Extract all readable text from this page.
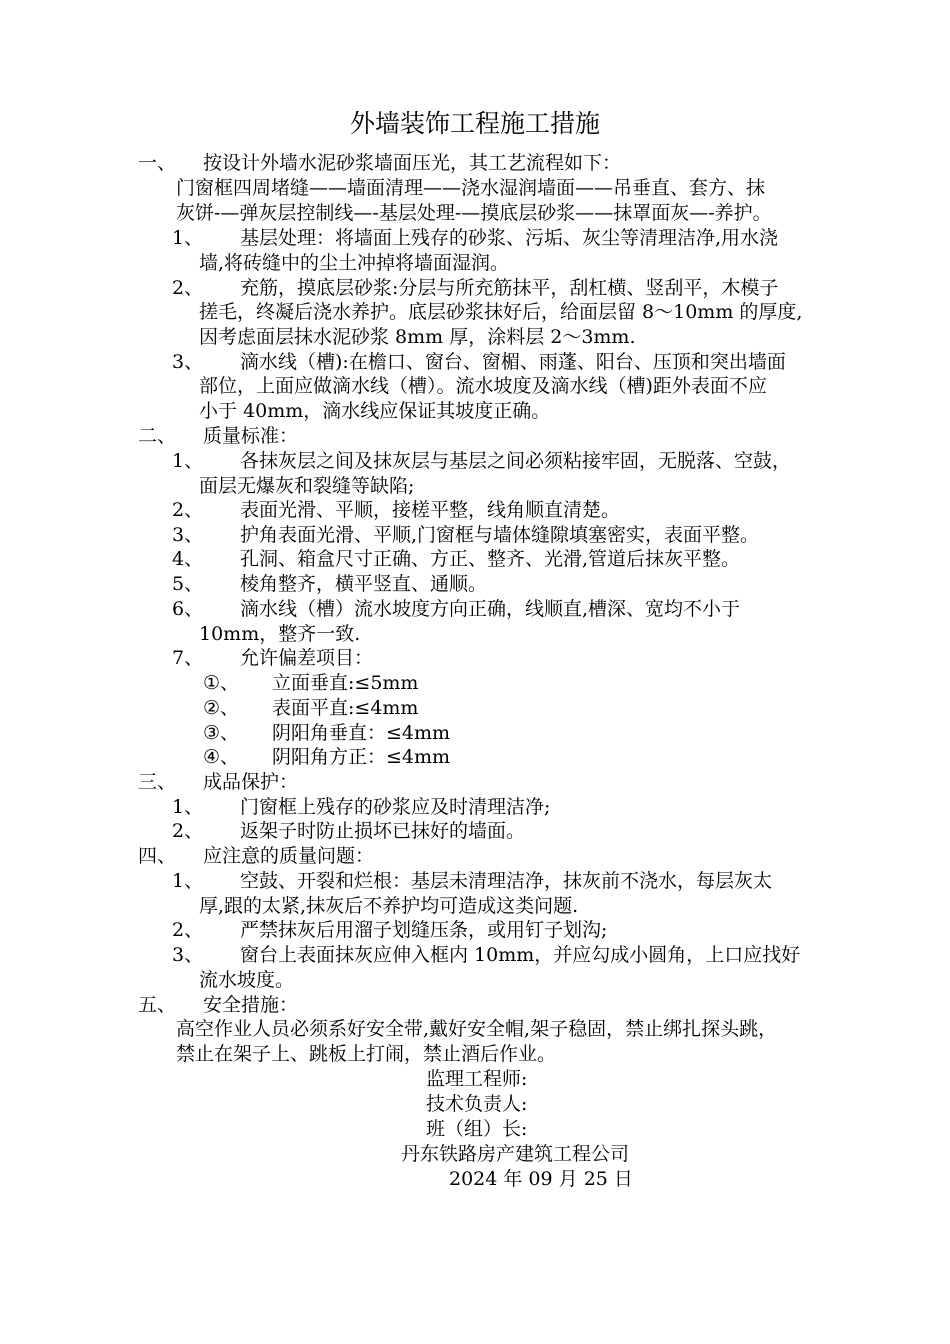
外墙装饰工程施工措施
一、 按设计外墙水泥砂浆墙面压光，其工艺流程如下：
门窗框四周堵缝——墙面清理——浇水湿润墙面——吊垂直、套方、抹
灰饼-—弹灰层控制线—-基层处理-—摸底层砂浆——抹罩面灰—-养护。
1、 基层处理：将墙面上残存的砂浆、污垢、灰尘等清理洁净,用水浇
墙,将砖缝中的尘土冲掉将墙面湿润。
2、 充筋，摸底层砂浆:分层与所充筋抹平，刮杠横、竖刮平，木模子
搓毛，终凝后浇水养护。底层砂浆抹好后，给面层留 8～10mm 的厚度,
因考虑面层抹水泥砂浆 8mm 厚，涂料层 2～3mm.
3、 滴水线（槽):在檐口、窗台、窗楣、雨蓬、阳台、压顶和突出墙面
部位，上面应做滴水线（槽）。流水坡度及滴水线（槽)距外表面不应
小于 40mm，滴水线应保证其坡度正确。
二、 质量标准：
1、 各抹灰层之间及抹灰层与基层之间必须粘接牢固，无脱落、空鼓，
面层无爆灰和裂缝等缺陷;
2、 表面光滑、平顺，接槎平整，线角顺直清楚。
3、 护角表面光滑、平顺,门窗框与墙体缝隙填塞密实，表面平整。
4、 孔洞、箱盒尺寸正确、方正、整齐、光滑,管道后抹灰平整。
5、 棱角整齐，横平竖直、通顺。
6、 滴水线（槽）流水坡度方向正确，线顺直,槽深、宽均不小于
10mm，整齐一致.
7、 允许偏差项目：
①、 立面垂直:≤5mm
②、 表面平直:≤4mm
③、 阴阳角垂直：≤4mm
④、 阴阳角方正：≤4mm
三、 成品保护：
1、 门窗框上残存的砂浆应及时清理洁净;
2、 返架子时防止损坏已抹好的墙面。
四、 应注意的质量问题：
1、 空鼓、开裂和烂根：基层未清理洁净，抹灰前不浇水，每层灰太
厚,跟的太紧,抹灰后不养护均可造成这类问题.
2、 严禁抹灰后用溜子划缝压条，或用钉子划沟;
3、 窗台上表面抹灰应伸入框内 10mm，并应勾成小圆角，上口应找好
流水坡度。
五、 安全措施：
高空作业人员必须系好安全带,戴好安全帽,架子稳固，禁止绑扎探头跳，
禁止在架子上、跳板上打闹，禁止酒后作业。
监理工程师:
技术负责人:
班（组）长:
丹东铁路房产建筑工程公司
2024 年 09 月 25 日
